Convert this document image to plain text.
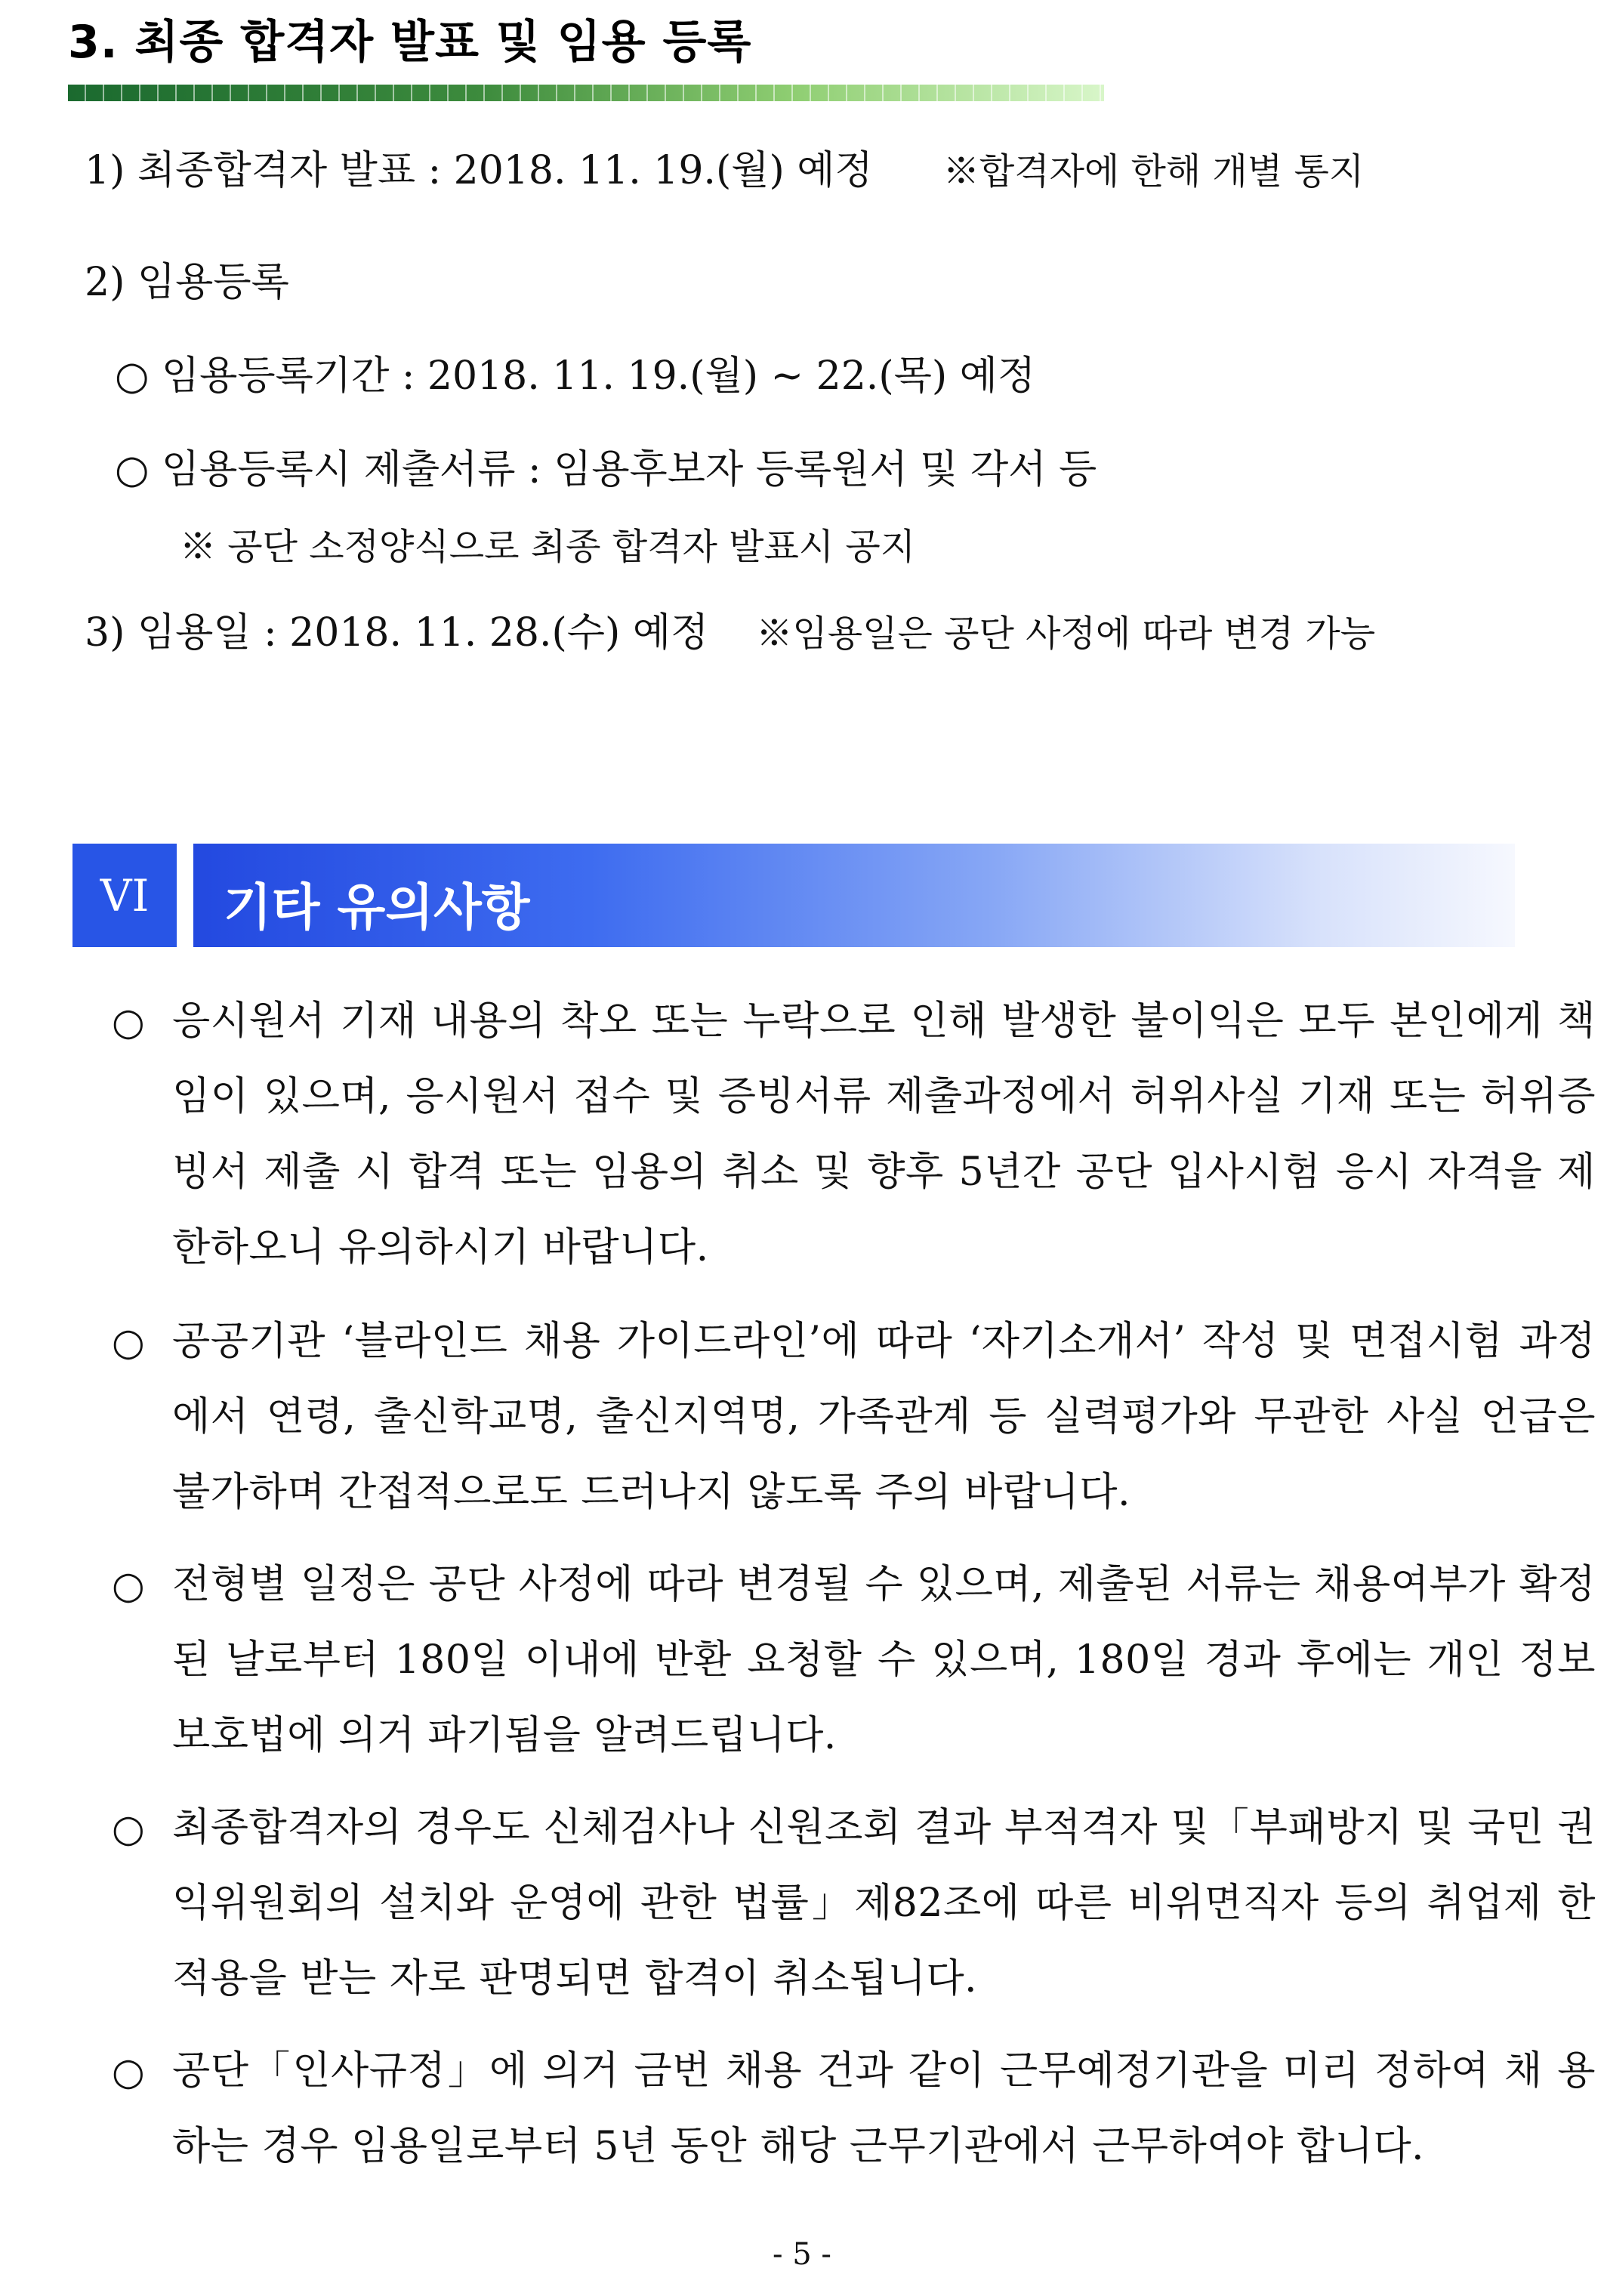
3. 최종 합격자 발표 및 임용 등록
1) 최종합격자 발표 : 2018. 11. 19.(월) 예정 ※합격자에 한해 개별 통지
2) 임용등록
○ 임용등록기간 : 2018. 11. 19.(월) ~ 22.(목) 예정
○ 임용등록시 제출서류 : 임용후보자 등록원서 및 각서 등
※ 공단 소정양식으로 최종 합격자 발표시 공지
3) 임용일 : 2018. 11. 28.(수) 예정 ※임용일은 공단 사정에 따라 변경 가능
VI	기타 유의사항
○ 응시원서 기재 내용의 착오 또는 누락으로 인해 발생한 불이익은 모두 본인에게 책임이 있으며, 응시원서 접수 및 증빙서류 제출과정에서 허위사실 기재 또는 허위증빙서 제출 시 합격 또는 임용의 취소 및 향후 5년간 공단 입사시험 응시 자격을 제한하오니 유의하시기 바랍니다.
○ 공공기관 ‘블라인드 채용 가이드라인’에 따라 ‘자기소개서’ 작성 및 면접시험 과정에서 연령, 출신학교명, 출신지역명, 가족관계 등 실력평가와 무관한 사실 언급은 불가하며 간접적으로도 드러나지 않도록 주의 바랍니다.
○ 전형별 일정은 공단 사정에 따라 변경될 수 있으며, 제출된 서류는 채용여부가 확정된 날로부터 180일 이내에 반환 요청할 수 있으며, 180일 경과 후에는 개인 정보보호법에 의거 파기됨을 알려드립니다.
○ 최종합격자의 경우도 신체검사나 신원조회 결과 부적격자 및「부패방지 및 국민 권익위원회의 설치와 운영에 관한 법률」제82조에 따른 비위면직자 등의 취업제 한 적용을 받는 자로 판명되면 합격이 취소됩니다.
○ 공단「인사규정」에 의거 금번 채용 건과 같이 근무예정기관을 미리 정하여 채 용하는 경우 임용일로부터 5년 동안 해당 근무기관에서 근무하여야 합니다.
- 5 -
